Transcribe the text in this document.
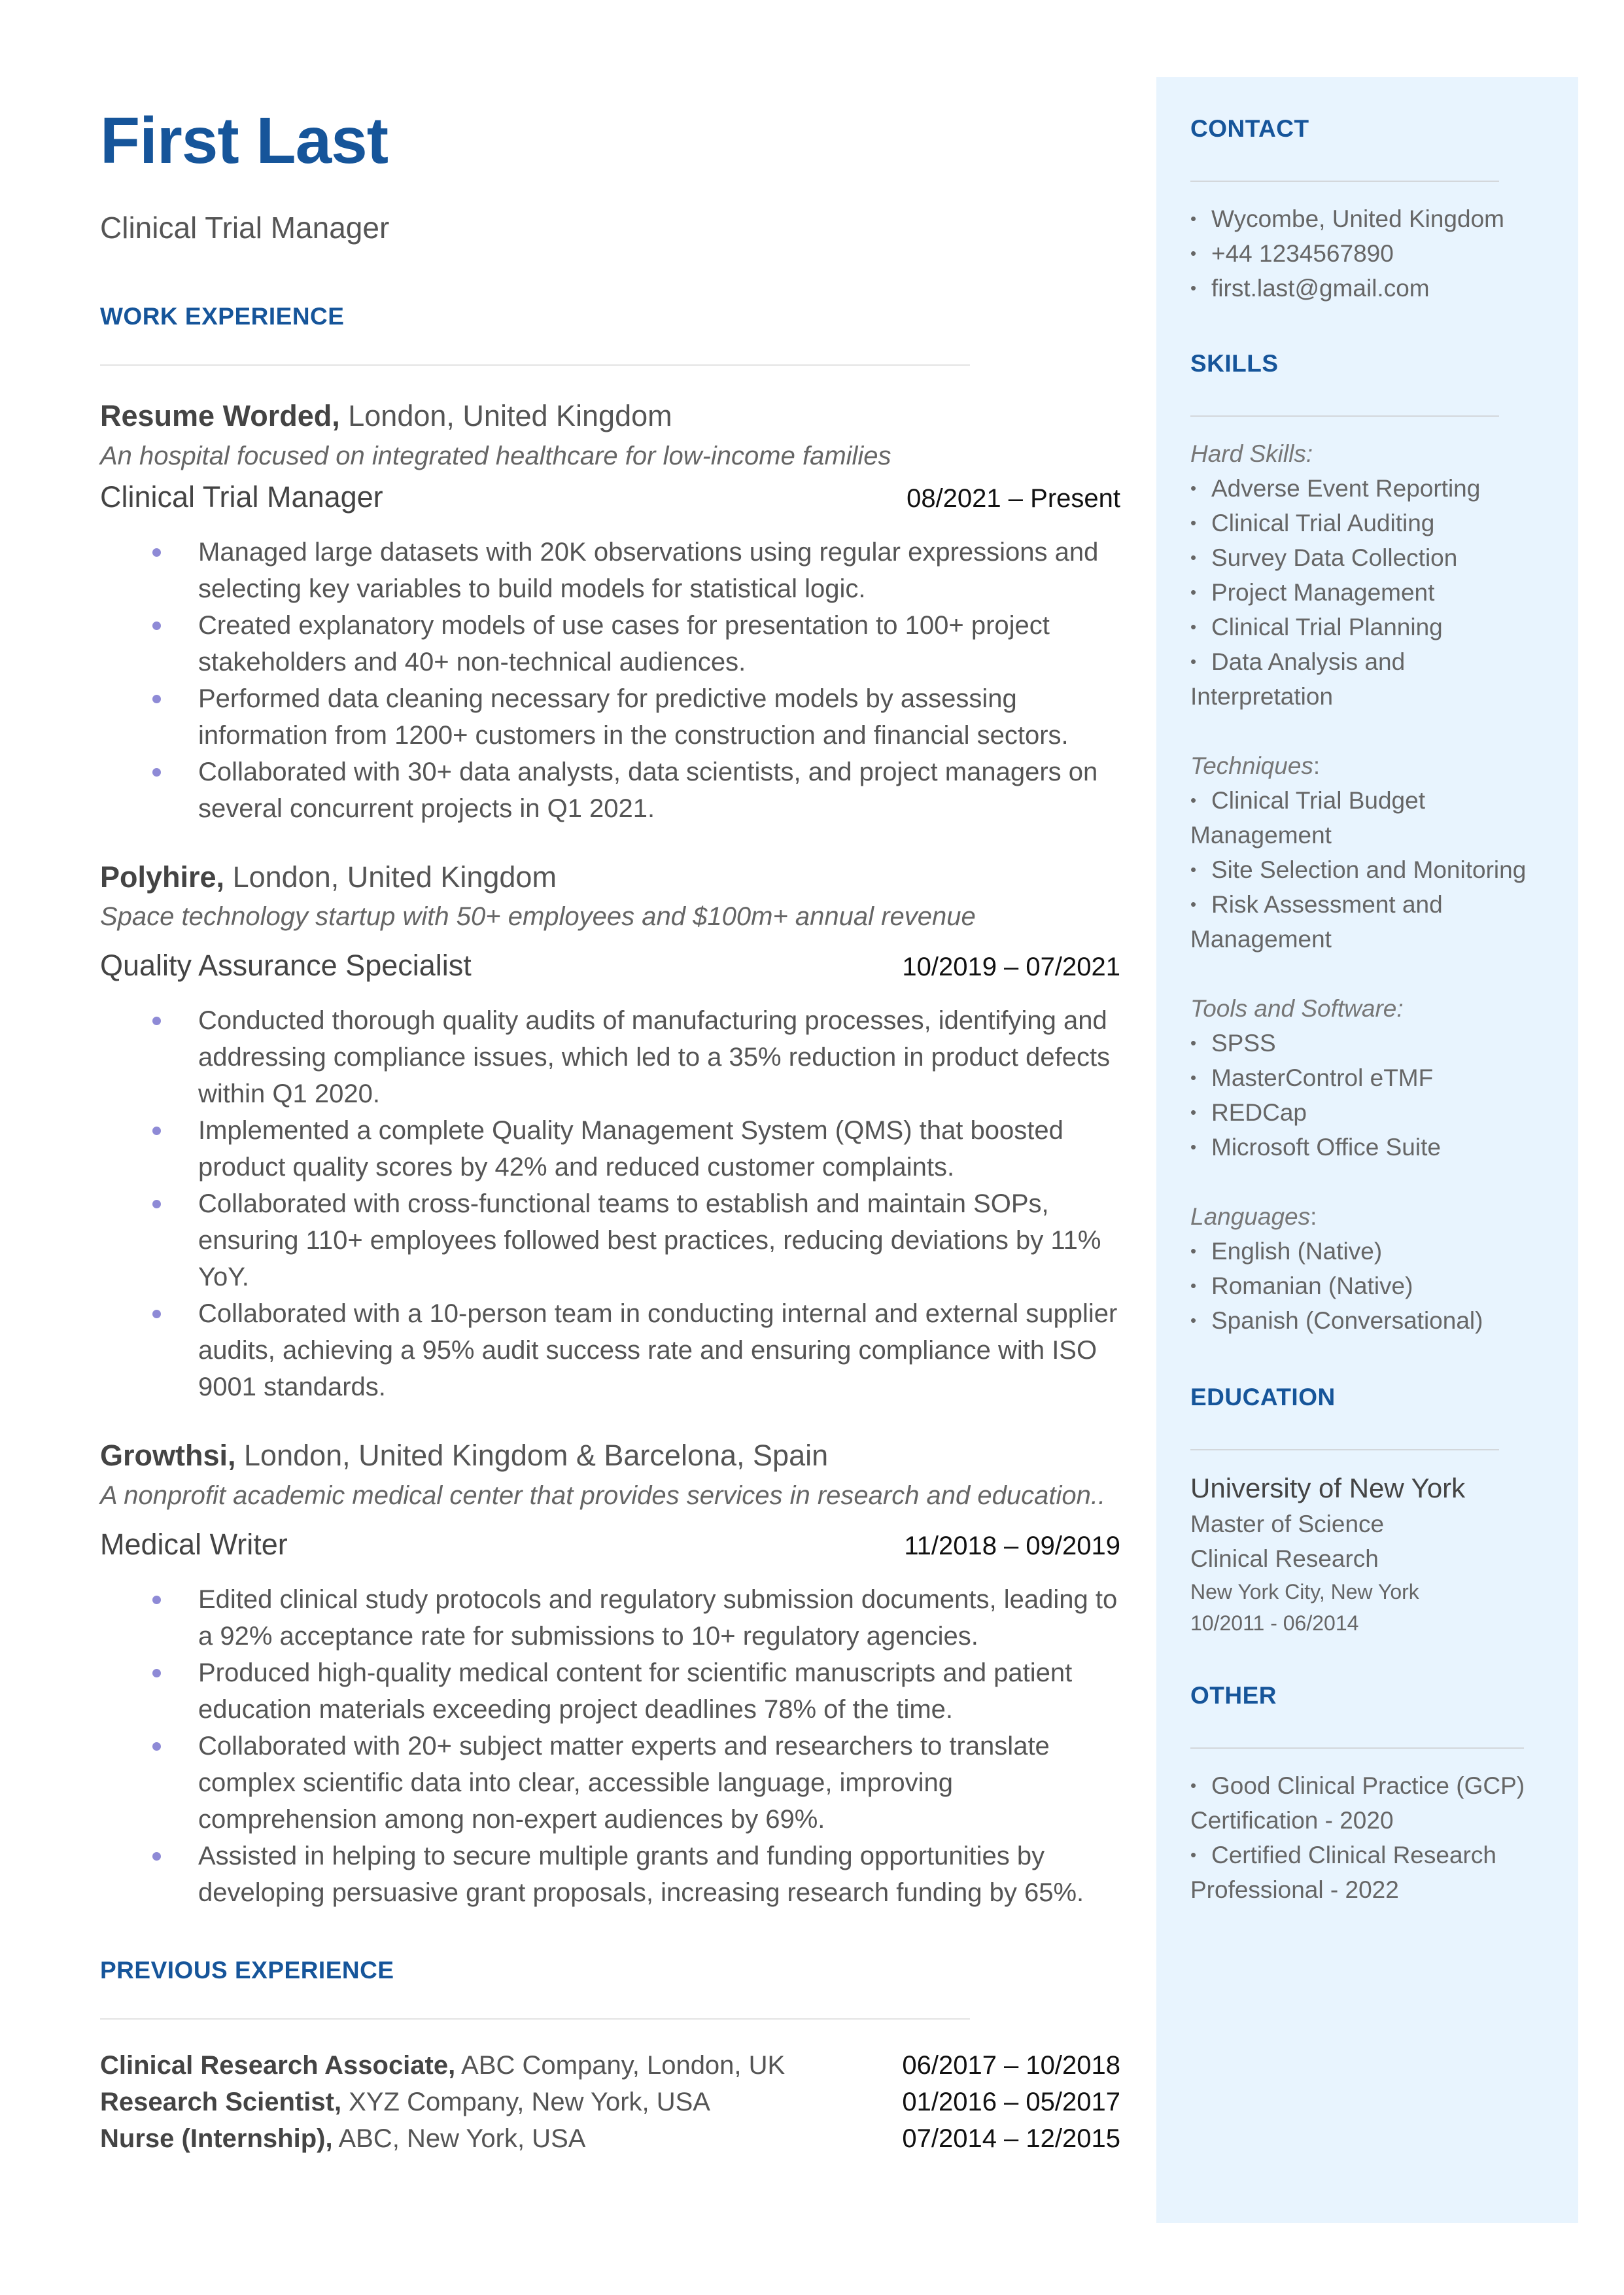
First Last
Clinical Trial Manager
WORK EXPERIENCE
Resume Worded, London, United Kingdom
An hospital focused on integrated healthcare for low-income families
Clinical Trial Manager	08/2021 – Present
Managed large datasets with 20K observations using regular expressions and selecting key variables to build models for statistical logic.
Created explanatory models of use cases for presentation to 100+ project stakeholders and 40+ non-technical audiences.
Performed data cleaning necessary for predictive models by assessing information from 1200+ customers in the construction and financial sectors.
Collaborated with 30+ data analysts, data scientists, and project managers on several concurrent projects in Q1 2021.
Polyhire, London, United Kingdom
Space technology startup with 50+ employees and $100m+ annual revenue
Quality Assurance Specialist	10/2019 – 07/2021
Conducted thorough quality audits of manufacturing processes, identifying and addressing compliance issues, which led to a 35% reduction in product defects within Q1 2020.
Implemented a complete Quality Management System (QMS) that boosted product quality scores by 42% and reduced customer complaints.
Collaborated with cross-functional teams to establish and maintain SOPs, ensuring 110+ employees followed best practices, reducing deviations by 11% YoY.
Collaborated with a 10-person team in conducting internal and external supplier audits, achieving a 95% audit success rate and ensuring compliance with ISO 9001 standards.
Growthsi, London, United Kingdom & Barcelona, Spain
A nonprofit academic medical center that provides services in research and education..
Medical Writer	11/2018 – 09/2019
Edited clinical study protocols and regulatory submission documents, leading to a 92% acceptance rate for submissions to 10+ regulatory agencies.
Produced high-quality medical content for scientific manuscripts and patient education materials exceeding project deadlines 78% of the time.
Collaborated with 20+ subject matter experts and researchers to translate complex scientific data into clear, accessible language, improving comprehension among non-expert audiences by 69%.
Assisted in helping to secure multiple grants and funding opportunities by developing persuasive grant proposals, increasing research funding by 65%.
PREVIOUS EXPERIENCE
Clinical Research Associate, ABC Company, London, UK	06/2017 – 10/2018
Research Scientist, XYZ Company, New York, USA	01/2016 – 05/2017
Nurse (Internship), ABC, New York, USA	07/2014 – 12/2015
CONTACT
• Wycombe, United Kingdom
• +44 1234567890
• first.last@gmail.com
SKILLS
Hard Skills:
• Adverse Event Reporting
• Clinical Trial Auditing
• Survey Data Collection
• Project Management
• Clinical Trial Planning
• Data Analysis and
Interpretation
Techniques:
• Clinical Trial Budget
Management
• Site Selection and Monitoring
• Risk Assessment and
Management
Tools and Software:
• SPSS
• MasterControl eTMF
• REDCap
• Microsoft Office Suite
Languages:
• English (Native)
• Romanian (Native)
• Spanish (Conversational)
EDUCATION
University of New York
Master of Science
Clinical Research
New York City, New York
10/2011 - 06/2014
OTHER
• Good Clinical Practice (GCP)
Certification - 2020
• Certified Clinical Research
Professional - 2022
